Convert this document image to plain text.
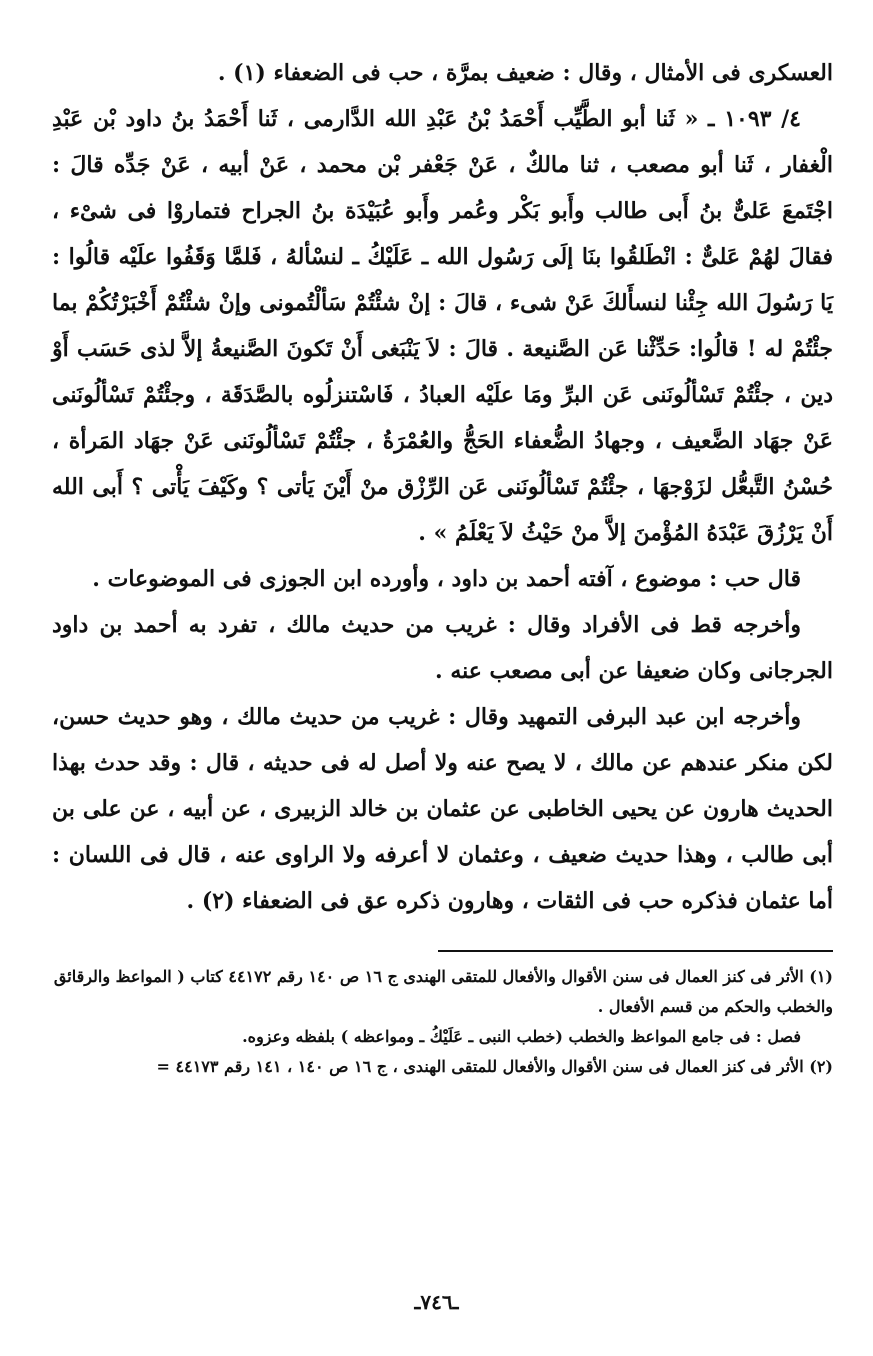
العسكرى فى الأمثال ، وقال : ضعيف بمرَّة ، حب فى الضعفاء (١) .

٤/ ١٠٩٣ ـ « ثَنا أبو الطَّيِّب أَحْمَدُ بْنُ عَبْدِ الله الدَّارمى ، ثَنا أَحْمَدُ بنُ داود بْن عَبْدِ الْغفار ، ثَنا أبو مصعب ، ثنا مالكٌ ، عَنْ جَعْفر بْن محمد ، عَنْ أبيه ، عَنْ جَدِّه قالَ : اجْتَمعَ عَلىٌّ بنُ أَبى طالب وأَبو بَكْر وعُمر وأَبو عُبَيْدَة بنُ الجراح فتماروْا فى شىْء ، فقالَ لهُمْ عَلىٌّ : انْطَلقُوا بنَا إلَى رَسُول الله ـ عَلَيْكُ ـ لنسْألهُ ، فَلمَّا وَقَفُوا علَيْه قالُوا : يَا رَسُولَ الله جِئْنا لنسأَلكَ عَنْ شىء ، قالَ : إنْ شئْتُمْ سَألْتُمونى وإنْ شئْتُمْ أَخْبَرْتُكُمْ بما جئْتُمْ له ! قالُوا: حَدِّثْنا عَن الصَّنيعة . قالَ : لاَ يَنْبَغى أَنْ تَكونَ الصَّنيعةُ إلاَّ لذى حَسَب أَوْ دين ، جئْتُمْ تَسْألُونَنى عَن البرِّ ومَا علَيْه العبادُ ، فَاسْتنزلُوه بالصَّدَقَة ، وجئْتُمْ تَسْألُونَنى عَنْ جهَاد الضَّعيف ، وجهادُ الضُّعفاء الحَجُّ والعُمْرَةُ ، جئْتُمْ تَسْألُونَنى عَنْ جهَاد المَرأة ، حُسْنُ التَّبعُّل لزَوْجهَا ، جئْتُمْ تَسْألُونَنى عَن الرِّزْق منْ أَيْنَ يَأتى ؟ وكَيْفَ يَأْتى ؟ أَبى الله أَنْ يَرْزُقَ عَبْدَهُ المُؤْمنَ إلاَّ منْ حَيْثُ لاَ يَعْلَمُ » .

قال حب : موضوع ، آفته أحمد بن داود ، وأورده ابن الجوزى فى الموضوعات .

وأخرجه قط فى الأفراد وقال : غريب من حديث مالك ، تفرد به أحمد بن داود الجرجانى وكان ضعيفا عن أبى مصعب عنه .

وأخرجه ابن عبد البرفى التمهيد وقال : غريب من حديث مالك ، وهو حديث حسن، لكن منكر عندهم عن مالك ، لا يصح عنه ولا أصل له فى حديثه ، قال : وقد حدث بهذا الحديث هارون عن يحيى الخاطبى عن عثمان بن خالد الزبيرى ، عن أبيه ، عن على بن أبى طالب ، وهذا حديث ضعيف ، وعثمان لا أعرفه ولا الراوى عنه ، قال فى اللسان : أما عثمان فذكره حب فى الثقات ، وهارون ذكره عق فى الضعفاء (٢) .

(١) الأثر فى كنز العمال فى سنن الأقوال والأفعال للمتقى الهندى ج ١٦ ص ١٤٠ رقم ٤٤١٧٢ كتاب ( المواعظ والرقائق والخطب والحكم من قسم الأفعال .

فصل : فى جامع المواعظ والخطب (خطب النبى ـ عَلَيْكُ ـ ومواعظه ) بلفظه وعزوه.

(٢) الأثر فى كنز العمال فى سنن الأقوال والأفعال للمتقى الهندى ، ج ١٦ ص ١٤٠ ، ١٤١ رقم ٤٤١٧٣ =

ـ٧٤٦ـ
